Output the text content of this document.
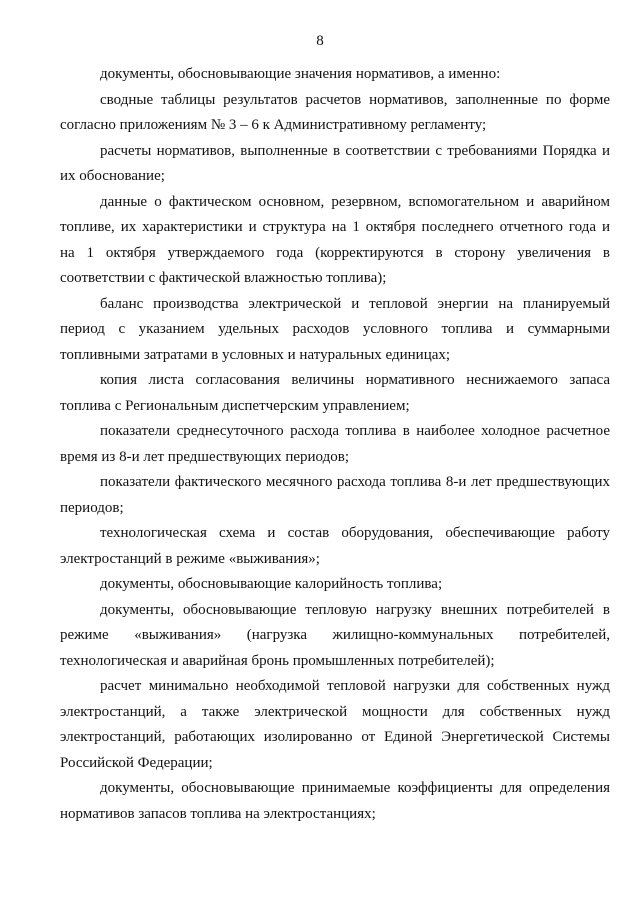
8
документы, обосновывающие значения нормативов, а именно:
сводные таблицы результатов расчетов нормативов, заполненные по форме
согласно приложениям № 3 – 6 к Административному регламенту;
расчеты нормативов, выполненные в соответствии с требованиями Порядка и
их обоснование;
данные о фактическом основном, резервном, вспомогательном и аварийном
топливе, их характеристики и структура на 1 октября последнего отчетного года и
на 1 октября утверждаемого года (корректируются в сторону увеличения в
соответствии с фактической влажностью топлива);
баланс производства электрической и тепловой энергии на планируемый
период с указанием удельных расходов условного топлива и суммарными
топливными затратами в условных и натуральных единицах;
копия листа согласования величины нормативного неснижаемого запаса
топлива с Региональным диспетчерским управлением;
показатели среднесуточного расхода топлива в наиболее холодное расчетное
время из 8-и лет предшествующих периодов;
показатели фактического месячного расхода топлива 8-и лет предшествующих
периодов;
технологическая схема и состав оборудования, обеспечивающие работу
электростанций в режиме «выживания»;
документы, обосновывающие калорийность топлива;
документы, обосновывающие тепловую нагрузку внешних потребителей в
режиме «выживания» (нагрузка жилищно-коммунальных потребителей,
технологическая и аварийная бронь промышленных потребителей);
расчет минимально необходимой тепловой нагрузки для собственных нужд
электростанций, а также электрической мощности для собственных нужд
электростанций, работающих изолированно от Единой Энергетической Системы
Российской Федерации;
документы, обосновывающие принимаемые коэффициенты для определения
нормативов запасов топлива на электростанциях;
